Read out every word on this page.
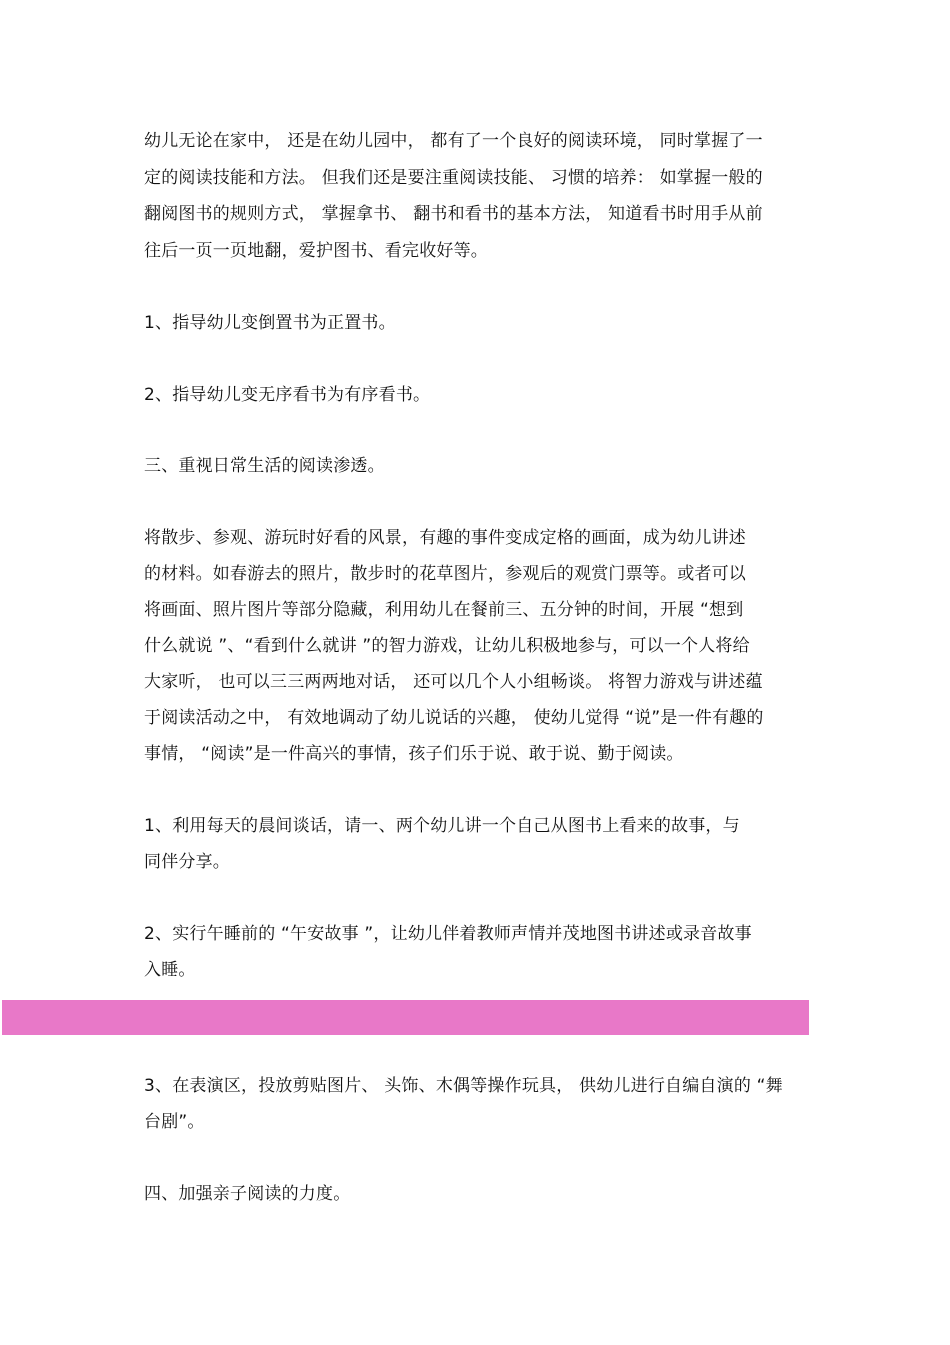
幼儿无论在家中， 还是在幼儿园中， 都有了一个良好的阅读环境， 同时掌握了一
定的阅读技能和方法。 但我们还是要注重阅读技能、 习惯的培养： 如掌握一般的
翻阅图书的规则方式， 掌握拿书、 翻书和看书的基本方法， 知道看书时用手从前
往后一页一页地翻，爱护图书、看完收好等。
1、指导幼儿变倒置书为正置书。
2、指导幼儿变无序看书为有序看书。
三、重视日常生活的阅读渗透。
将散步、参观、游玩时好看的风景，有趣的事件变成定格的画面，成为幼儿讲述
的材料。如春游去的照片，散步时的花草图片，参观后的观赏门票等。或者可以
将画面、照片图片等部分隐藏，利用幼儿在餐前三、五分钟的时间，开展 “想到
什么就说 ”、“看到什么就讲 ”的智力游戏，让幼儿积极地参与，可以一个人将给
大家听， 也可以三三两两地对话， 还可以几个人小组畅谈。 将智力游戏与讲述蕴
于阅读活动之中， 有效地调动了幼儿说话的兴趣， 使幼儿觉得 “说”是一件有趣的
事情， “阅读”是一件高兴的事情，孩子们乐于说、敢于说、勤于阅读。
1、利用每天的晨间谈话，请一、两个幼儿讲一个自己从图书上看来的故事，与
同伴分享。
2、实行午睡前的 “午安故事 ”，让幼儿伴着教师声情并茂地图书讲述或录音故事
入睡。
3、在表演区，投放剪贴图片、 头饰、木偶等操作玩具， 供幼儿进行自编自演的 “舞
台剧”。
四、加强亲子阅读的力度。
